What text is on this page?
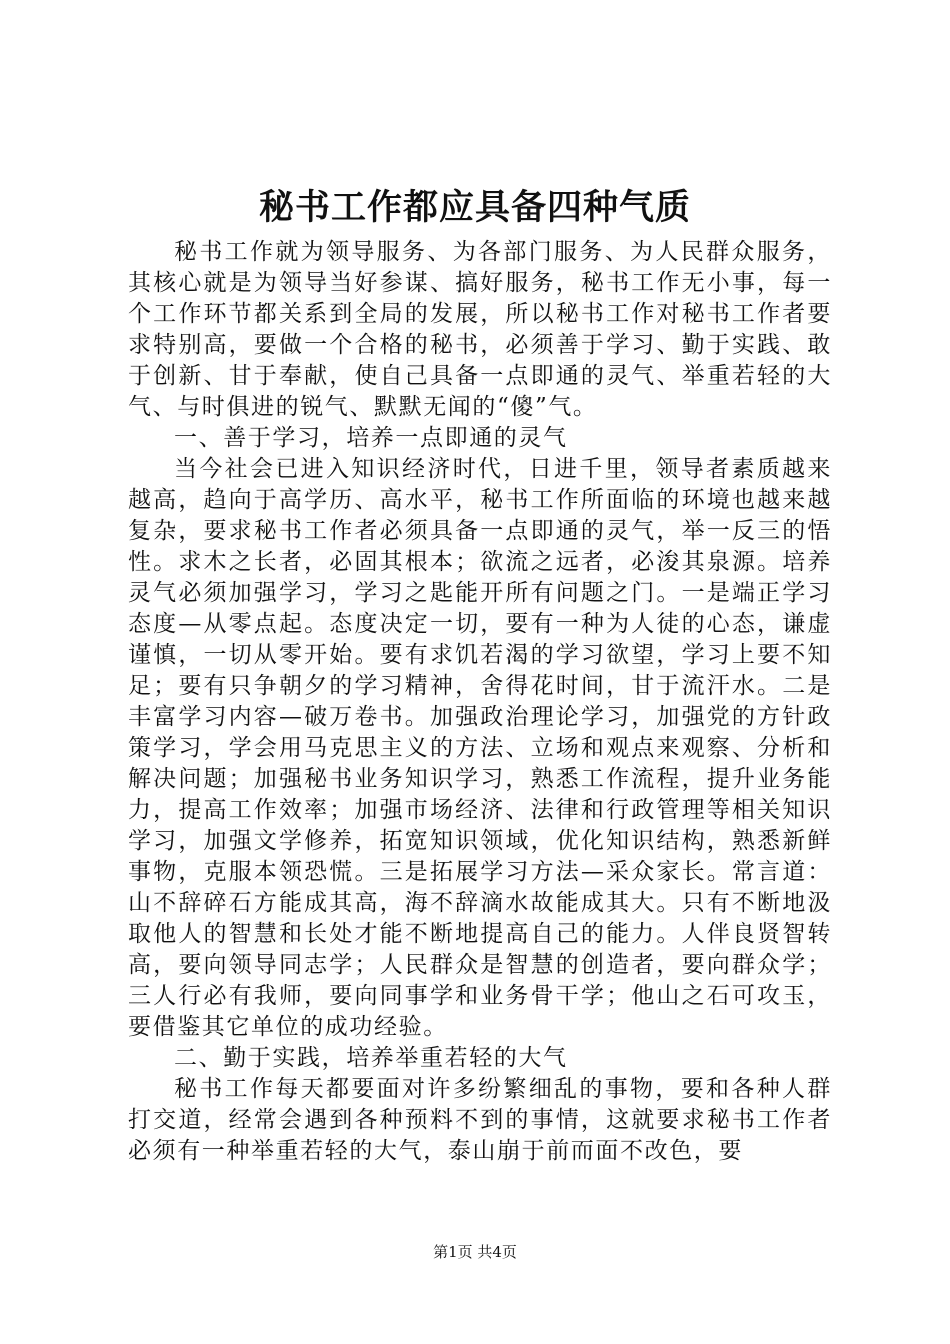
秘书工作都应具备四种气质

秘书工作就为领导服务、为各部门服务、为人民群众服务，其核心就是为领导当好参谋、搞好服务，秘书工作无小事，每一个工作环节都关系到全局的发展，所以秘书工作对秘书工作者要求特别高，要做一个合格的秘书，必须善于学习、勤于实践、敢于创新、甘于奉献，使自己具备一点即通的灵气、举重若轻的大气、与时俱进的锐气、默默无闻的“傻”气。

一、善于学习，培养一点即通的灵气

当今社会已进入知识经济时代，日进千里，领导者素质越来越高，趋向于高学历、高水平，秘书工作所面临的环境也越来越复杂，要求秘书工作者必须具备一点即通的灵气，举一反三的悟性。求木之长者，必固其根本；欲流之远者，必浚其泉源。培养灵气必须加强学习，学习之匙能开所有问题之门。一是端正学习态度—从零点起。态度决定一切，要有一种为人徒的心态，谦虚谨慎，一切从零开始。要有求饥若渴的学习欲望，学习上要不知足；要有只争朝夕的学习精神，舍得花时间，甘于流汗水。二是丰富学习内容—破万卷书。加强政治理论学习，加强党的方针政策学习，学会用马克思主义的方法、立场和观点来观察、分析和解决问题；加强秘书业务知识学习，熟悉工作流程，提升业务能力，提高工作效率；加强市场经济、法律和行政管理等相关知识学习，加强文学修养，拓宽知识领域，优化知识结构，熟悉新鲜事物，克服本领恐慌。三是拓展学习方法—采众家长。常言道：山不辞碎石方能成其高，海不辞滴水故能成其大。只有不断地汲取他人的智慧和长处才能不断地提高自己的能力。人伴良贤智转高，要向领导同志学；人民群众是智慧的创造者，要向群众学；三人行必有我师，要向同事学和业务骨干学；他山之石可攻玉，要借鉴其它单位的成功经验。

二、勤于实践，培养举重若轻的大气

秘书工作每天都要面对许多纷繁细乱的事物，要和各种人群打交道，经常会遇到各种预料不到的事情，这就要求秘书工作者必须有一种举重若轻的大气，泰山崩于前而面不改色，要

第1页 共4页
